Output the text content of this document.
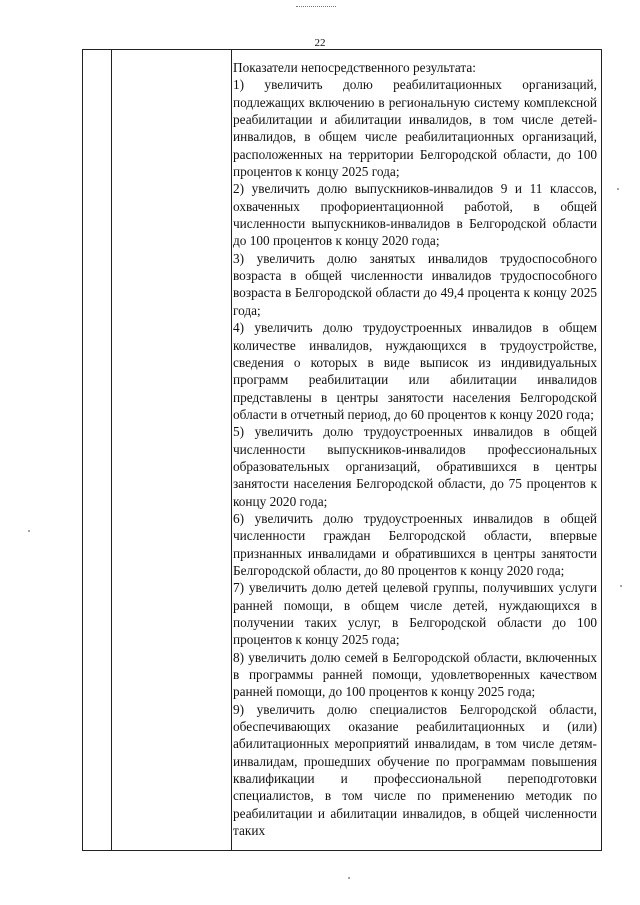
22
Показатели непосредственного результата:
1) увеличить долю реабилитационных организаций, подлежащих включению в региональную систему комплексной реабилитации и абилитации инвалидов, в том числе детей-инвалидов, в общем числе реабилитационных организаций, расположенных на территории Белгородской области, до 100 процентов к концу 2025 года;
2) увеличить долю выпускников-инвалидов 9 и 11 классов, охваченных профориентационной работой, в общей численности выпускников-инвалидов в Белгородской области до 100 процентов к концу 2020 года;
3) увеличить долю занятых инвалидов трудоспособного возраста в общей численности инвалидов трудоспособного возраста в Белгородской области до 49,4 процента к концу 2025 года;
4) увеличить долю трудоустроенных инвалидов в общем количестве инвалидов, нуждающихся в трудоустройстве, сведения о которых в виде выписок из индивидуальных программ реабилитации или абилитации инвалидов представлены в центры занятости населения Белгородской области в отчетный период, до 60 процентов к концу 2020 года;
5) увеличить долю трудоустроенных инвалидов в общей численности выпускников-инвалидов профессиональных образовательных организаций, обратившихся в центры занятости населения Белгородской области, до 75 процентов к концу 2020 года;
6) увеличить долю трудоустроенных инвалидов в общей численности граждан Белгородской области, впервые признанных инвалидами и обратившихся в центры занятости Белгородской области, до 80 процентов к концу 2020 года;
7) увеличить долю детей целевой группы, получивших услуги ранней помощи, в общем числе детей, нуждающихся в получении таких услуг, в Белгородской области до 100 процентов к концу 2025 года;
8) увеличить долю семей в Белгородской области, включенных в программы ранней помощи, удовлетворенных качеством ранней помощи, до 100 процентов к концу 2025 года;
9) увеличить долю специалистов Белгородской области, обеспечивающих оказание реабилитационных и (или) абилитационных мероприятий инвалидам, в том числе детям-инвалидам, прошедших обучение по программам повышения квалификации и профессиональной переподготовки специалистов, в том числе по применению методик по реабилитации и абилитации инвалидов, в общей численности таких
